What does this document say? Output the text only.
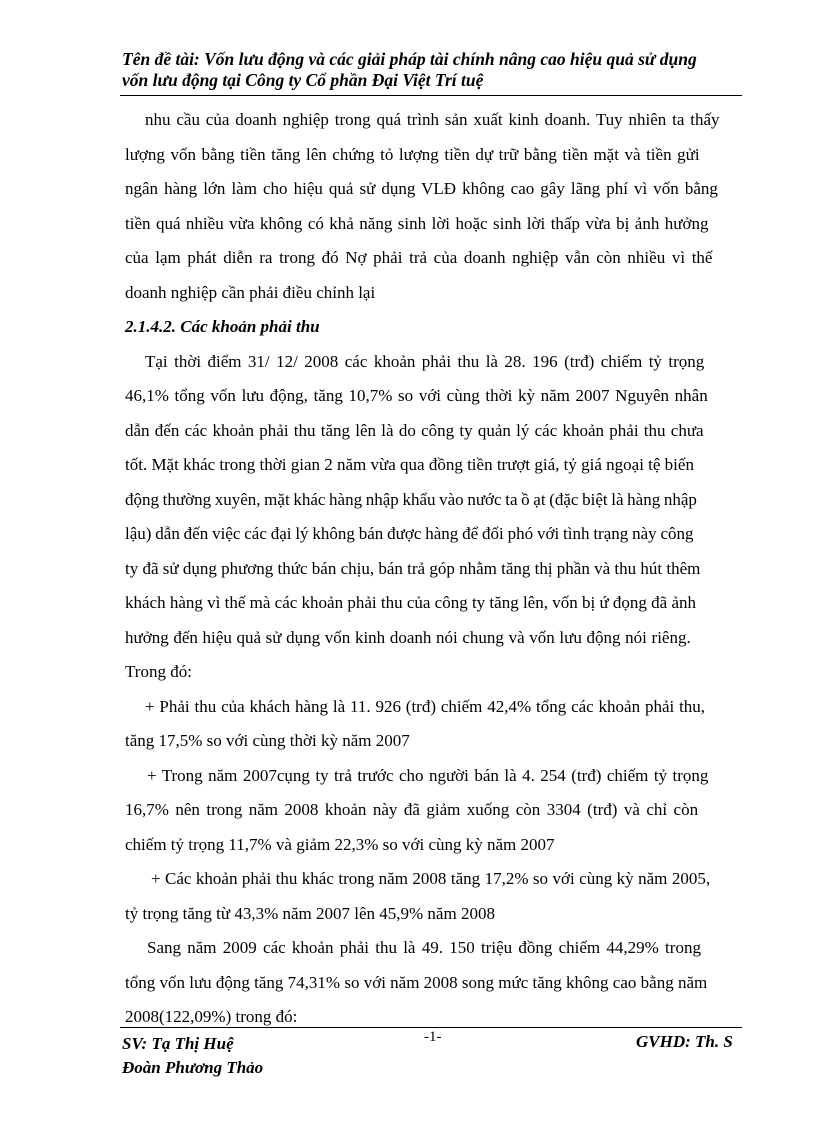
Tên đề tài: Vốn lưu động và các giải pháp tài chính nâng cao hiệu quả sử dụng
vốn lưu động tại Công ty Cổ phần Đại Việt Trí tuệ

nhu cầu của doanh nghiệp trong quá trình sản xuất kinh doanh. Tuy nhiên ta thấy
lượng vốn bằng tiền tăng lên chứng tỏ lượng tiền dự trữ bằng tiền mặt và tiền gửi
ngân hàng lớn làm cho hiệu quả sử dụng VLĐ không cao gây lãng phí vì vốn bằng
tiền quá nhiều vừa không có khả năng sinh lời hoặc sinh lời thấp vừa bị ảnh hưởng
của lạm phát diễn ra trong đó Nợ phải trả của doanh nghiệp vẫn còn nhiều vì thế
doanh nghiệp cần phải điều chỉnh lại

2.1.4.2. Các khoản phải thu

Tại thời điểm 31/ 12/ 2008 các khoản phải thu là 28. 196 (trđ) chiếm tỷ trọng
46,1% tổng vốn lưu động, tăng 10,7% so với cùng thời kỳ năm 2007 Nguyên nhân
dẫn đến các khoản phải thu tăng lên là do công ty quản lý các khoản phải thu chưa
tốt. Mặt khác trong thời gian 2 năm vừa qua đồng tiền trượt giá, tỷ giá ngoại tệ biến
động thường xuyên, mặt khác hàng nhập khẩu vào nước ta ồ ạt (đặc biệt là hàng nhập
lậu) dẫn đến việc các đại lý không bán được hàng để đối phó với tình trạng này công
ty đã sử dụng phương thức bán chịu, bán trả góp nhằm tăng thị phần và thu hút thêm
khách hàng vì thế mà các khoản phải thu của công ty tăng lên, vốn bị ứ đọng đã ảnh
hưởng đến hiệu quả sử dụng vốn kinh doanh nói chung và vốn lưu động nói riêng.
Trong đó:

+ Phải thu của khách hàng là 11. 926 (trđ) chiếm 42,4% tổng các khoản phải thu,
tăng 17,5% so với cùng thời kỳ năm 2007

+ Trong năm 2007cụng ty trả trước cho người bán là 4. 254 (trđ) chiếm tỷ trọng
16,7% nên trong năm 2008 khoản này đã giảm xuống còn 3304 (trđ) và chỉ còn
chiếm tỷ trọng 11,7% và giảm 22,3% so với cùng kỳ năm 2007

+ Các khoản phải thu khác trong năm 2008 tăng 17,2% so với cùng kỳ năm 2005,
tỷ trọng tăng từ 43,3% năm 2007 lên 45,9% năm 2008

Sang năm 2009 các khoản phải thu là 49. 150 triệu đồng chiếm 44,29% trong
tổng vốn lưu động tăng 74,31% so với năm 2008 song mức tăng không cao bằng năm
2008(122,09%) trong đó:

SV: Tạ Thị Huệ
Đoàn Phương Thảo
-1-	GVHD: Th. S
